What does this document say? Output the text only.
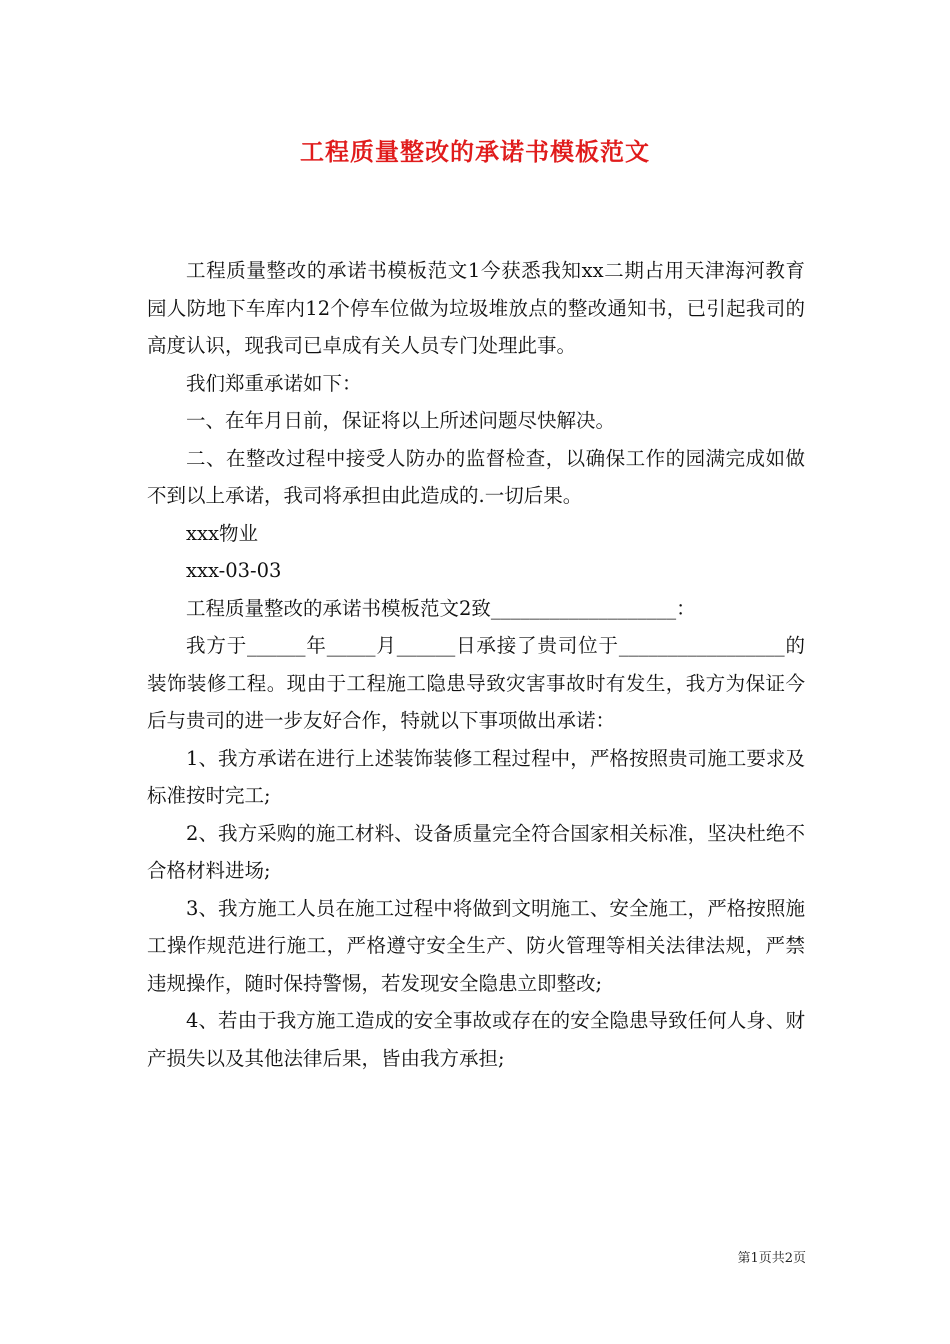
工程质量整改的承诺书模板范文

工程质量整改的承诺书模板范文1今获悉我知xx二期占用天津海河教育园人防地下车库内12个停车位做为垃圾堆放点的整改通知书，已引起我司的高度认识，现我司已卓成有关人员专门处理此事。

我们郑重承诺如下：

一、在年月日前，保证将以上所述问题尽快解决。

二、在整改过程中接受人防办的监督检查，以确保工作的园满完成如做不到以上承诺，我司将承担由此造成的.一切后果。

xxx物业

xxx-03-03

工程质量整改的承诺书模板范文2致___________________：

我方于______年_____月______日承接了贵司位于_________________的装饰装修工程。现由于工程施工隐患导致灾害事故时有发生，我方为保证今后与贵司的进一步友好合作，特就以下事项做出承诺：

1、我方承诺在进行上述装饰装修工程过程中，严格按照贵司施工要求及标准按时完工;

2、我方采购的施工材料、设备质量完全符合国家相关标准，坚决杜绝不合格材料进场;

3、我方施工人员在施工过程中将做到文明施工、安全施工，严格按照施工操作规范进行施工，严格遵守安全生产、防火管理等相关法律法规，严禁违规操作，随时保持警惕，若发现安全隐患立即整改;

4、若由于我方施工造成的安全事故或存在的安全隐患导致任何人身、财产损失以及其他法律后果，皆由我方承担;

第1页共2页
